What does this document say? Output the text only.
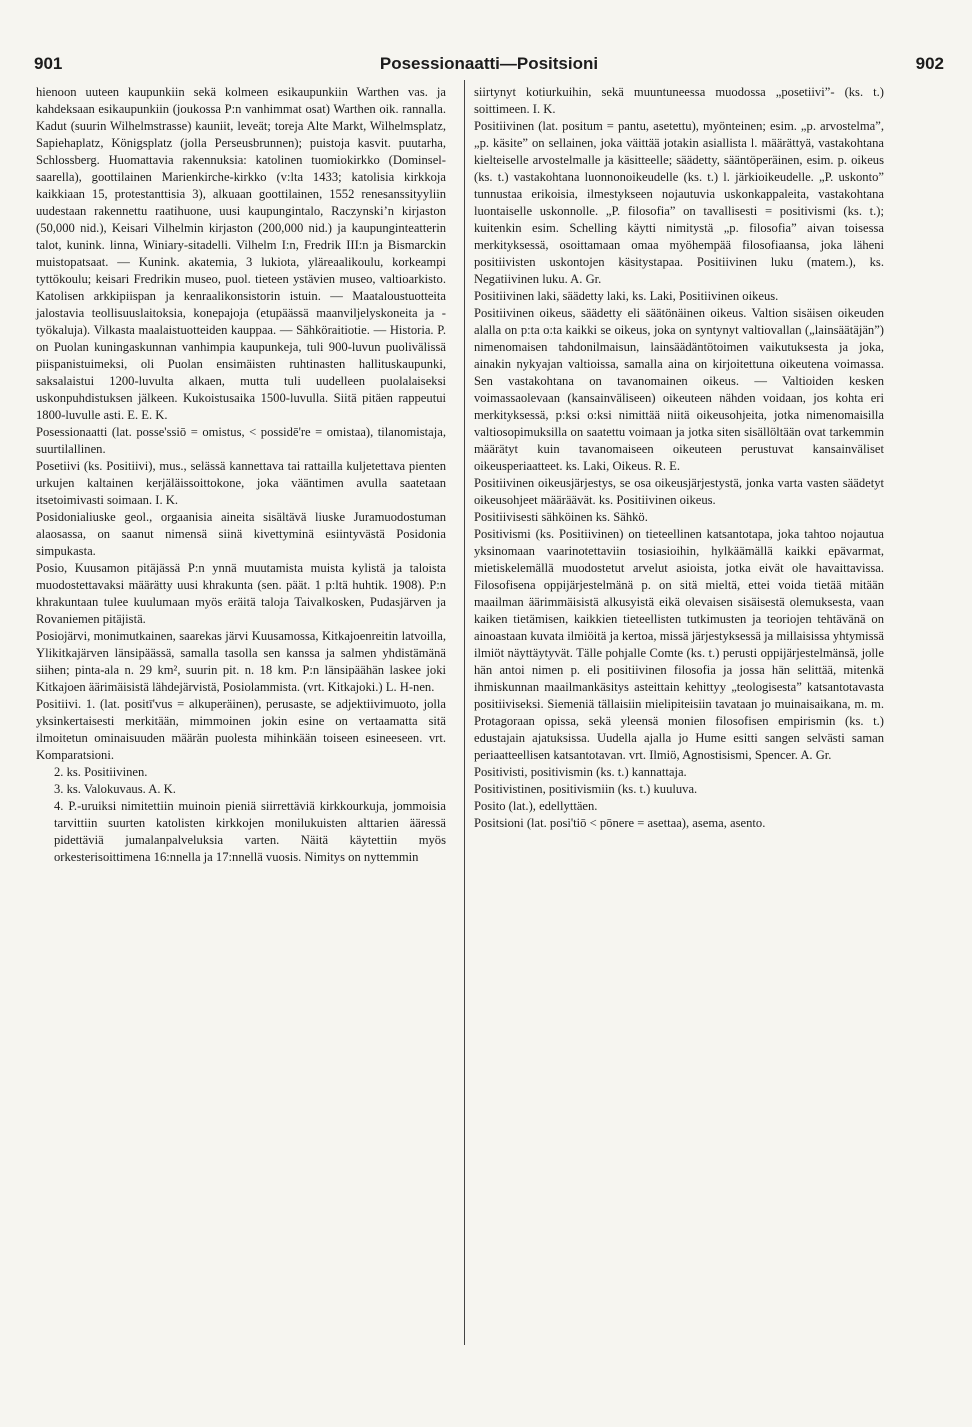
901	Posessionaatti—Positsioni	902

hienoon uuteen kaupunkiin sekä kolmeen esikaupunkiin Warthen vas. ja kahdeksaan esikaupunkiin (joukossa P:n vanhimmat osat) Warthen oik. rannalla. Kadut (suurin Wilhelmstrasse) kauniit, leveät; toreja Alte Markt, Wilhelmsplatz, Sapiehaplatz, Königsplatz (jolla Perseusbrunnen); puistoja kasvit. puutarha, Schlossberg. Huomattavia rakennuksia: katolinen tuomiokirkko (Dominsel-saarella), goottilainen Marienkirche-kirkko (v:lta 1433; katolisia kirkkoja kaikkiaan 15, protestanttisia 3), alkuaan goottilainen, 1552 renesanssityyliin uudestaan rakennettu raatihuone, uusi kaupungintalo, Raczynski’n kirjaston (50,000 nid.), Keisari Vilhelmin kirjaston (200,000 nid.) ja kaupunginteatterin talot, kunink. linna, Winiary-sitadelli. Vilhelm I:n, Fredrik III:n ja Bismarckin muistopatsaat. — Kunink. akatemia, 3 lukiota, yläreaalikoulu, korkeampi tyttökoulu; keisari Fredrikin museo, puol. tieteen ystävien museo, valtioarkisto. Katolisen arkkipiispan ja kenraalikonsistorin istuin. — Maataloustuotteita jalostavia teollisuuslaitoksia, konepajoja (etupäässä maanviljelyskoneita ja -työkaluja). Vilkasta maalaistuotteiden kauppaa. — Sähköraitiotie. — Historia. P. on Puolan kuningaskunnan vanhimpia kaupunkeja, tuli 900-luvun puolivälissä piispanistuimeksi, oli Puolan ensimäisten ruhtinasten hallituskaupunki, saksalaistui 1200-luvulta alkaen, mutta tuli uudelleen puolalaiseksi uskonpuhdistuksen jälkeen. Kukoistusaika 1500-luvulla. Siitä pitäen rappeutui 1800-luvulle asti. E. E. K.

Posessionaatti (lat. posse'ssiō = omistus, < possidē're = omistaa), tilanomistaja, suurtilallinen.

Posetiivi (ks. Positiivi), mus., selässä kannettava tai rattailla kuljetettava pienten urkujen kaltainen kerjäläissoittokone, joka vääntimen avulla saatetaan itsetoimivasti soimaan. I. K.

Posidonialiuske geol., orgaanisia aineita sisältävä liuske Juramuodostuman alaosassa, on saanut nimensä siinä kivettyminä esiintyvästä Posidonia simpukasta.

Posio, Kuusamon pitäjässä P:n ynnä muutamista muista kylistä ja taloista muodostettavaksi määrätty uusi khrakunta (sen. päät. 1 p:ltä huhtik. 1908). P:n khrakuntaan tulee kuulumaan myös eräitä taloja Taivalkosken, Pudasjärven ja Rovaniemen pitäjistä.

Posiojärvi, monimutkainen, saarekas järvi Kuusamossa, Kitkajoenreitin latvoilla, Ylikitkajärven länsipäässä, samalla tasolla sen kanssa ja salmen yhdistämänä siihen; pinta-ala n. 29 km², suurin pit. n. 18 km. P:n länsipäähän laskee joki Kitkajoen äärimäisistä lähdejärvistä, Posiolammista. (vrt. Kitkajoki.) L. H-nen.

Positiivi. 1. (lat. positī'vus = alkuperäinen), perusaste, se adjektiivimuoto, jolla yksinkertaisesti merkitään, mimmoinen jokin esine on vertaamatta sitä ilmoitetun ominaisuuden määrän puolesta mihinkään toiseen esineeseen. vrt. Komparatsioni.

2. ks. Positiivinen.

3. ks. Valokuvaus. A. K.

4. P.-uruiksi nimitettiin muinoin pieniä siirrettäviä kirkkourkuja, jommoisia tarvittiin suurten katolisten kirkkojen monilukuisten alttarien ääressä pidettäviä jumalanpalveluksia varten. Näitä käytettiin myös orkesterisoittimena 16:nnella ja 17:nnellä vuosis. Nimitys on nyttemmin

siirtynyt kotiurkuihin, sekä muuntuneessa muodossa „posetiivi”- (ks. t.) soittimeen. I. K.

Positiivinen (lat. positum = pantu, asetettu), myönteinen; esim. „p. arvostelma”, „p. käsite” on sellainen, joka väittää jotakin asiallista l. määrättyä, vastakohtana kielteiselle arvostelmalle ja käsitteelle; säädetty, sääntöperäinen, esim. p. oikeus (ks. t.) vastakohtana luonnonoikeudelle (ks. t.) l. järkioikeudelle. „P. uskonto” tunnustaa erikoisia, ilmestykseen nojautuvia uskonkappaleita, vastakohtana luontaiselle uskonnolle. „P. filosofia” on tavallisesti = positivismi (ks. t.); kuitenkin esim. Schelling käytti nimitystä „p. filosofia” aivan toisessa merkityksessä, osoittamaan omaa myöhempää filosofiaansa, joka läheni positiivisten uskontojen käsitystapaa. Positiivinen luku (matem.), ks. Negatiivinen luku. A. Gr.

Positiivinen laki, säädetty laki, ks. Laki, Positiivinen oikeus.

Positiivinen oikeus, säädetty eli säätönäinen oikeus. Valtion sisäisen oikeuden alalla on p:ta o:ta kaikki se oikeus, joka on syntynyt valtiovallan („lainsäätäjän”) nimenomaisen tahdonilmaisun, lainsäädäntötoimen vaikutuksesta ja joka, ainakin nykyajan valtioissa, samalla aina on kirjoitettuna oikeutena voimassa. Sen vastakohtana on tavanomainen oikeus. — Valtioiden kesken voimassaolevaan (kansainväliseen) oikeuteen nähden voidaan, jos kohta eri merkityksessä, p:ksi o:ksi nimittää niitä oikeusohjeita, jotka nimenomaisilla valtiosopimuksilla on saatettu voimaan ja jotka siten sisällöltään ovat tarkemmin määrätyt kuin tavanomaiseen oikeuteen perustuvat kansainväliset oikeusperiaatteet. ks. Laki, Oikeus. R. E.

Positiivinen oikeusjärjestys, se osa oikeusjärjestystä, jonka varta vasten säädetyt oikeusohjeet määräävät. ks. Positiivinen oikeus.

Positiivisesti sähköinen ks. Sähkö.

Positivismi (ks. Positiivinen) on tieteellinen katsantotapa, joka tahtoo nojautua yksinomaan vaarinotettaviin tosiasioihin, hylkäämällä kaikki epävarmat, mietiskelemällä muodostetut arvelut asioista, jotka eivät ole havaittavissa. Filosofisena oppijärjestelmänä p. on sitä mieltä, ettei voida tietää mitään maailman äärimmäisistä alkusyistä eikä olevaisen sisäisestä olemuksesta, vaan kaiken tietämisen, kaikkien tieteellisten tutkimusten ja teoriojen tehtävänä on ainoastaan kuvata ilmiöitä ja kertoa, missä järjestyksessä ja millaisissa yhtymissä ilmiöt näyttäytyvät. Tälle pohjalle Comte (ks. t.) perusti oppijärjestelmänsä, jolle hän antoi nimen p. eli positiivinen filosofia ja jossa hän selittää, mitenkä ihmiskunnan maailmankäsitys asteittain kehittyy „teologisesta” katsantotavasta positiiviseksi. Siemeniä tällaisiin mielipiteisiin tavataan jo muinaisaikana, m. m. Protagoraan opissa, sekä yleensä monien filosofisen empirismin (ks. t.) edustajain ajatuksissa. Uudella ajalla jo Hume esitti sangen selvästi saman periaatteellisen katsantotavan. vrt. Ilmiö, Agnostisismi, Spencer. A. Gr.

Positivisti, positivismin (ks. t.) kannattaja.

Positivistinen, positivismiin (ks. t.) kuuluva.

Posito (lat.), edellyttäen.

Positsioni (lat. posi'tiō < pōnere = asettaa), asema, asento.
